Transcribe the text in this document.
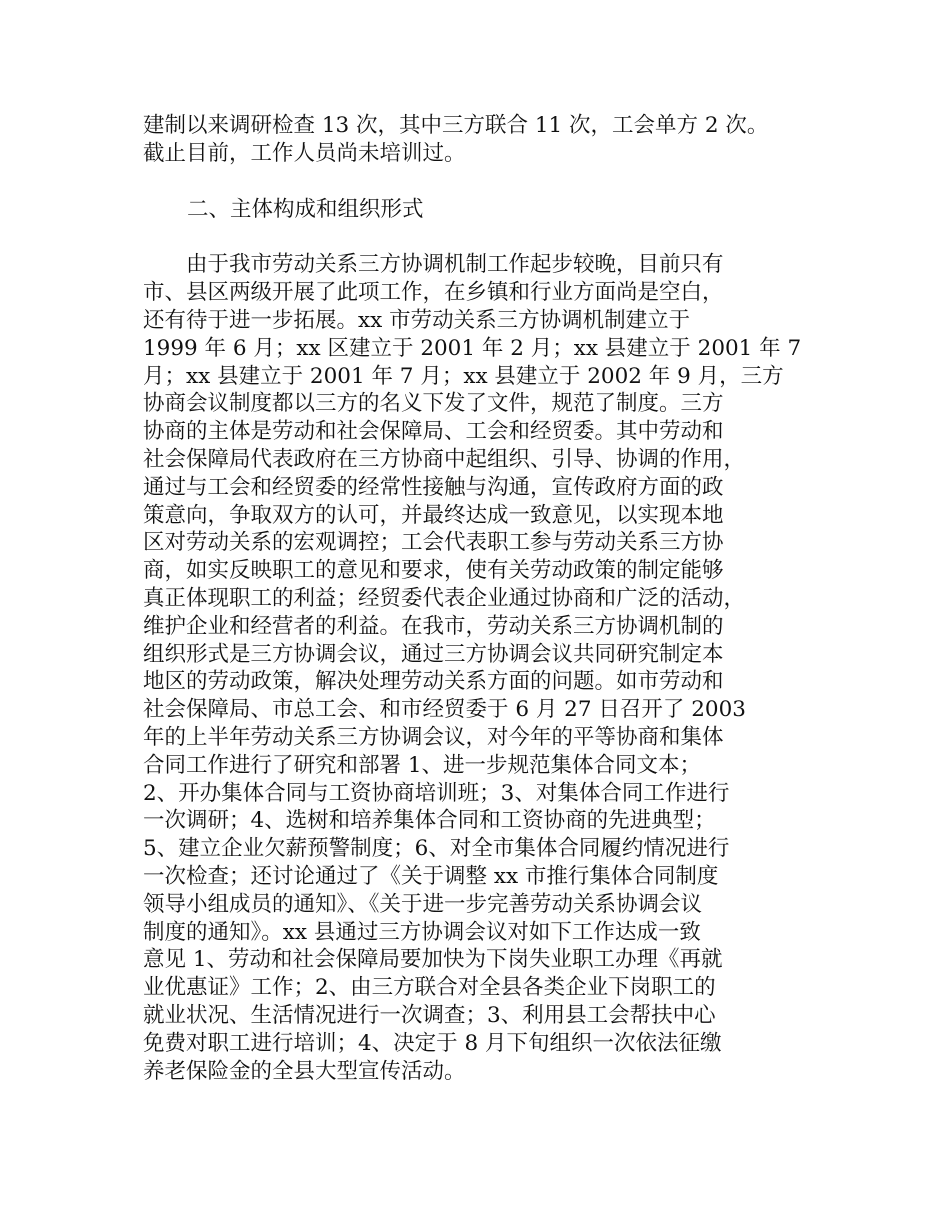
建制以来调研检查 13 次，其中三方联合 11 次，工会单方 2 次。
截止目前，工作人员尚未培训过。
二、主体构成和组织形式
　　由于我市劳动关系三方协调机制工作起步较晚，目前只有
市、县区两级开展了此项工作，在乡镇和行业方面尚是空白，
还有待于进一步拓展。xx 市劳动关系三方协调机制建立于
1999 年 6 月；xx 区建立于 2001 年 2 月；xx 县建立于 2001 年 7
月；xx 县建立于 2001 年 7 月；xx 县建立于 2002 年 9 月，三方
协商会议制度都以三方的名义下发了文件，规范了制度。三方
协商的主体是劳动和社会保障局、工会和经贸委。其中劳动和
社会保障局代表政府在三方协商中起组织、引导、协调的作用，
通过与工会和经贸委的经常性接触与沟通，宣传政府方面的政
策意向，争取双方的认可，并最终达成一致意见，以实现本地
区对劳动关系的宏观调控；工会代表职工参与劳动关系三方协
商，如实反映职工的意见和要求，使有关劳动政策的制定能够
真正体现职工的利益；经贸委代表企业通过协商和广泛的活动，
维护企业和经营者的利益。在我市，劳动关系三方协调机制的
组织形式是三方协调会议，通过三方协调会议共同研究制定本
地区的劳动政策，解决处理劳动关系方面的问题。如市劳动和
社会保障局、市总工会、和市经贸委于 6 月 27 日召开了 2003
年的上半年劳动关系三方协调会议，对今年的平等协商和集体
合同工作进行了研究和部署 1、进一步规范集体合同文本；
2、开办集体合同与工资协商培训班；3、对集体合同工作进行
一次调研；4、选树和培养集体合同和工资协商的先进典型；
5、建立企业欠薪预警制度；6、对全市集体合同履约情况进行
一次检查；还讨论通过了《关于调整 xx 市推行集体合同制度
领导小组成员的通知》、《关于进一步完善劳动关系协调会议
制度的通知》。xx 县通过三方协调会议对如下工作达成一致
意见 1、劳动和社会保障局要加快为下岗失业职工办理《再就
业优惠证》工作；2、由三方联合对全县各类企业下岗职工的
就业状况、生活情况进行一次调查；3、利用县工会帮扶中心
免费对职工进行培训；4、决定于 8 月下旬组织一次依法征缴
养老保险金的全县大型宣传活动。
